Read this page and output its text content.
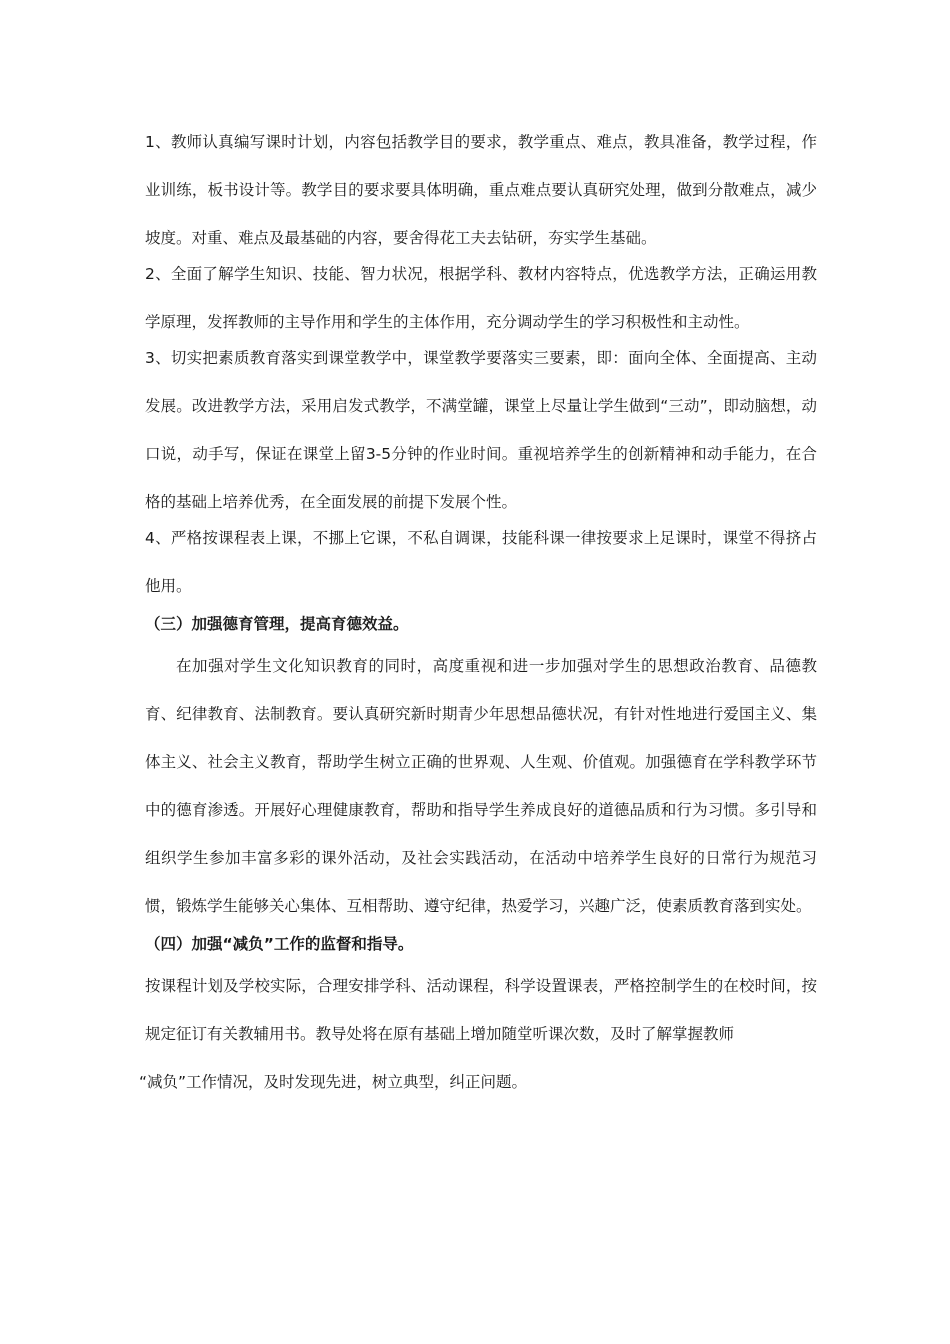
1、教师认真编写课时计划，内容包括教学目的要求，教学重点、难点，教具准备，教学过程，作业训练，板书设计等。教学目的要求要具体明确，重点难点要认真研究处理，做到分散难点，减少坡度。对重、难点及最基础的内容，要舍得花工夫去钻研，夯实学生基础。

2、全面了解学生知识、技能、智力状况，根据学科、教材内容特点，优选教学方法，正确运用教学原理，发挥教师的主导作用和学生的主体作用，充分调动学生的学习积极性和主动性。

3、切实把素质教育落实到课堂教学中，课堂教学要落实三要素，即：面向全体、全面提高、主动发展。改进教学方法，采用启发式教学，不满堂罐，课堂上尽量让学生做到“三动”，即动脑想，动口说，动手写，保证在课堂上留3-5分钟的作业时间。重视培养学生的创新精神和动手能力，在合格的基础上培养优秀，在全面发展的前提下发展个性。

4、严格按课程表上课，不挪上它课，不私自调课，技能科课一律按要求上足课时，课堂不得挤占他用。

（三）加强德育管理，提高育德效益。

在加强对学生文化知识教育的同时，高度重视和进一步加强对学生的思想政治教育、品德教育、纪律教育、法制教育。要认真研究新时期青少年思想品德状况，有针对性地进行爱国主义、集体主义、社会主义教育，帮助学生树立正确的世界观、人生观、价值观。加强德育在学科教学环节中的德育渗透。开展好心理健康教育，帮助和指导学生养成良好的道德品质和行为习惯。多引导和组织学生参加丰富多彩的课外活动，及社会实践活动，在活动中培养学生良好的日常行为规范习惯，锻炼学生能够关心集体、互相帮助、遵守纪律，热爱学习，兴趣广泛，使素质教育落到实处。

（四）加强“减负”工作的监督和指导。

按课程计划及学校实际，合理安排学科、活动课程，科学设置课表，严格控制学生的在校时间，按规定征订有关教辅用书。教导处将在原有基础上增加随堂听课次数，及时了解掌握教师
“减负”工作情况，及时发现先进，树立典型，纠正问题。
